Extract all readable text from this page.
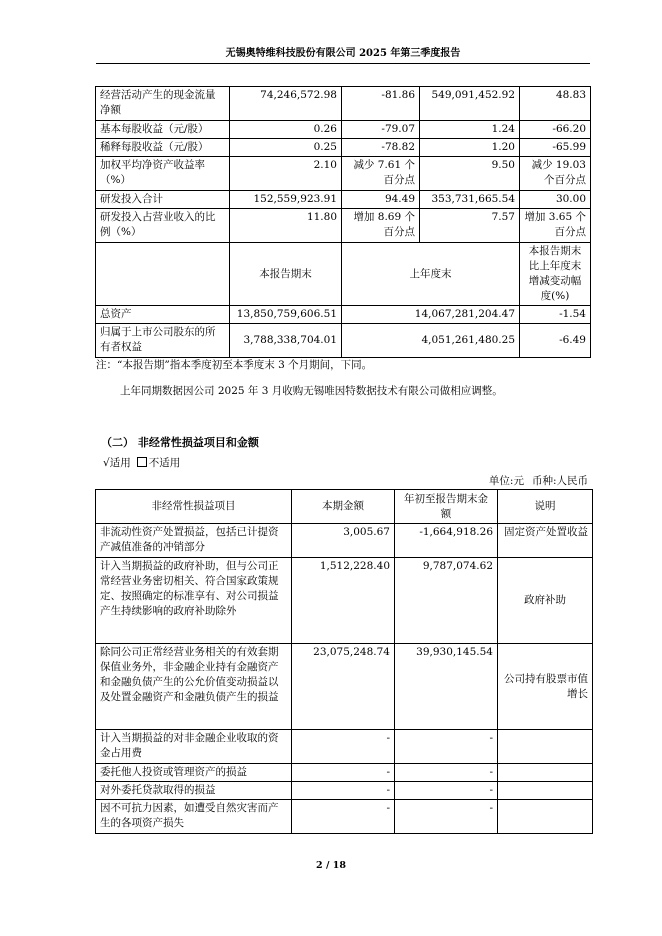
无锡奥特维科技股份有限公司 2025 年第三季度报告
经营活动产生的现金流量净额	74,246,572.98	-81.86	549,091,452.92	48.83
基本每股收益（元/股）	0.26	-79.07	1.24	-66.20
稀释每股收益（元/股）	0.25	-78.82	1.20	-65.99
加权平均净资产收益率（%）	2.10	减少 7.61 个百分点	9.50	减少 19.03 个百分点
研发投入合计	152,559,923.91	94.49	353,731,665.54	30.00
研发投入占营业收入的比例（%）	11.80	增加 8.69 个百分点	7.57	增加 3.65 个百分点
	本报告期末	上年度末		本报告期末比上年度末增减变动幅度(%)
总资产	13,850,759,606.51	14,067,281,204.47		-1.54
归属于上市公司股东的所有者权益	3,788,338,704.01	4,051,261,480.25		-6.49
注：“本报告期”指本季度初至本季度末 3 个月期间，下同。
上年同期数据因公司 2025 年 3 月收购无锡唯因特数据技术有限公司做相应调整。
（二） 非经常性损益项目和金额
√适用 不适用
单位:元 币种:人民币
非经常性损益项目	本期金额	年初至报告期末金额	说明
非流动性资产处置损益，包括已计提资产减值准备的冲销部分	3,005.67	-1,664,918.26	固定资产处置收益
计入当期损益的政府补助，但与公司正常经营业务密切相关、符合国家政策规定、按照确定的标准享有、对公司损益产生持续影响的政府补助除外	1,512,228.40	9,787,074.62	政府补助
除同公司正常经营业务相关的有效套期保值业务外，非金融企业持有金融资产和金融负债产生的公允价值变动损益以及处置金融资产和金融负债产生的损益	23,075,248.74	39,930,145.54	公司持有股票市值增长
计入当期损益的对非金融企业收取的资金占用费	-	-	
委托他人投资或管理资产的损益	-	-	
对外委托贷款取得的损益	-	-	
因不可抗力因素，如遭受自然灾害而产生的各项资产损失	-	-	
2 / 18
